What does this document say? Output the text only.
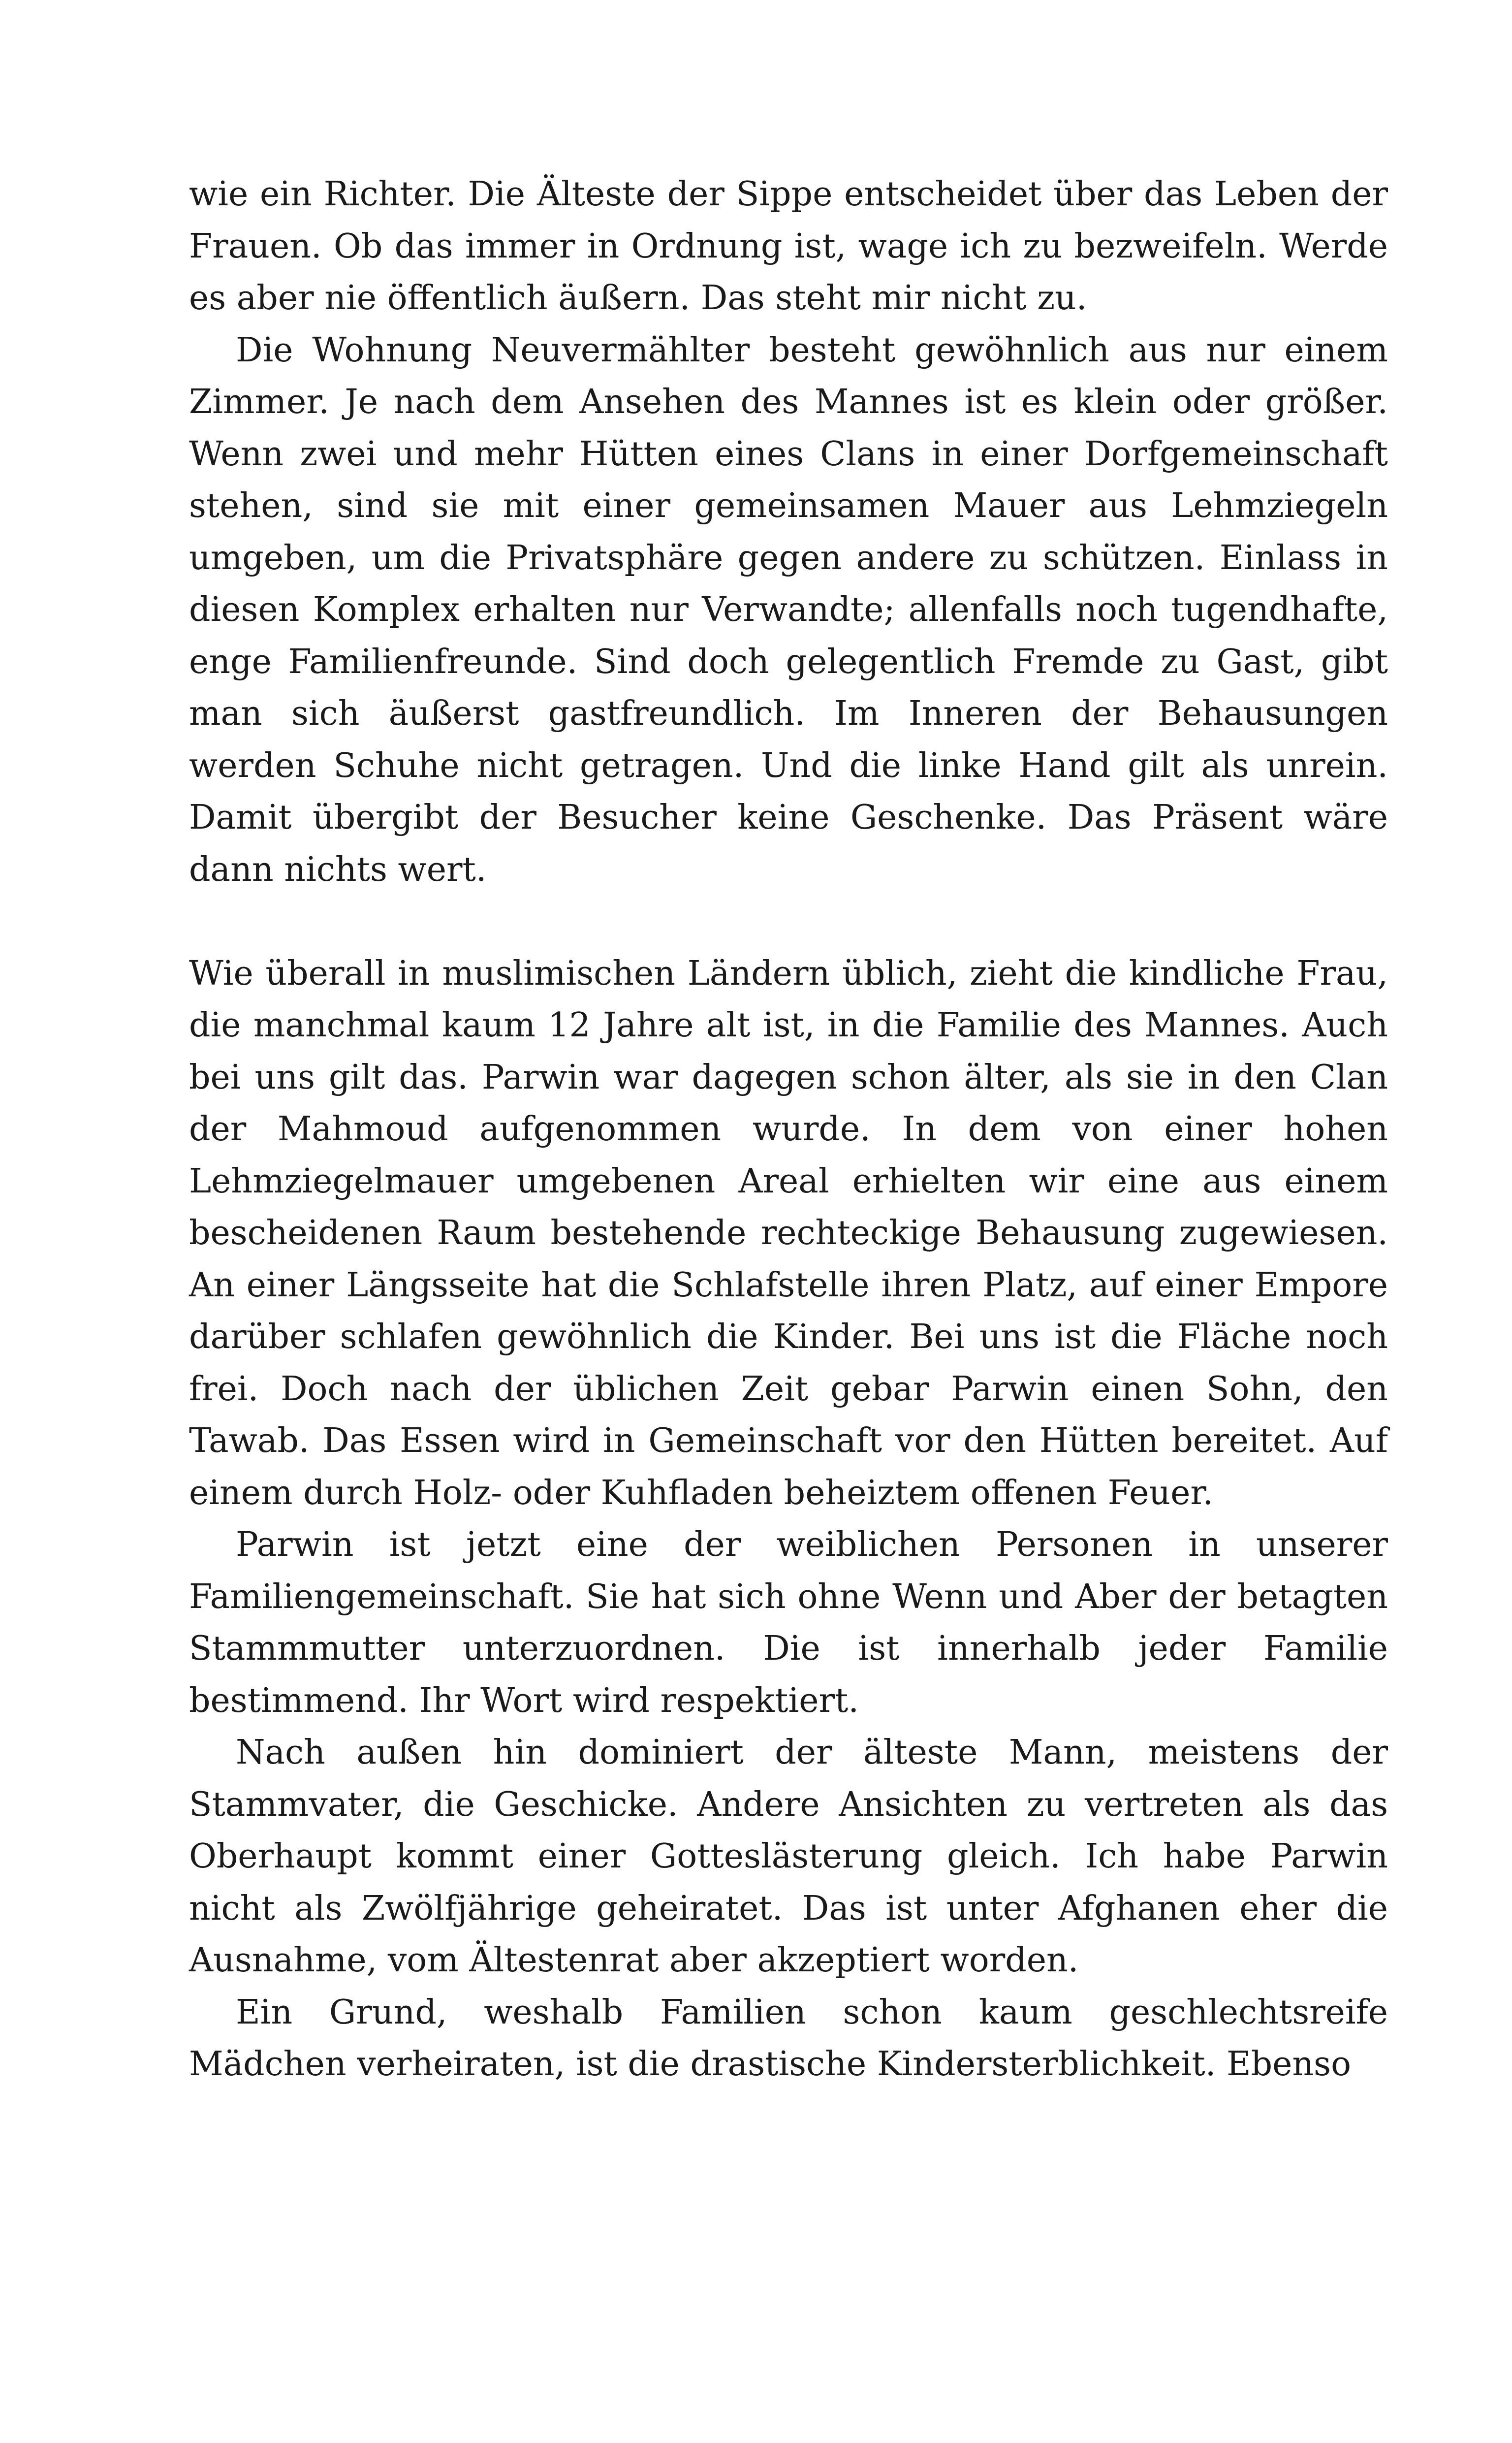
wie ein Richter. Die Älteste der Sippe entscheidet über das Leben der Frauen. Ob das immer in Ordnung ist, wage ich zu bezweifeln. Werde es aber nie öffentlich äußern. Das steht mir nicht zu.

Die Wohnung Neuvermählter besteht gewöhnlich aus nur einem Zimmer. Je nach dem Ansehen des Mannes ist es klein oder größer. Wenn zwei und mehr Hütten eines Clans in einer Dorfgemeinschaft stehen, sind sie mit einer gemeinsamen Mauer aus Lehmziegeln umgeben, um die Privatsphäre gegen andere zu schützen. Einlass in diesen Komplex erhalten nur Verwandte; allenfalls noch tugendhafte, enge Familienfreunde. Sind doch gelegentlich Fremde zu Gast, gibt man sich äußerst gastfreundlich. Im Inneren der Behausungen werden Schuhe nicht getragen. Und die linke Hand gilt als unrein. Damit übergibt der Besucher keine Geschenke. Das Präsent wäre dann nichts wert.

Wie überall in muslimischen Ländern üblich, zieht die kindliche Frau, die manchmal kaum 12 Jahre alt ist, in die Familie des Mannes. Auch bei uns gilt das. Parwin war dagegen schon älter, als sie in den Clan der Mahmoud aufgenommen wurde. In dem von einer hohen Lehmziegelmauer umgebenen Areal erhielten wir eine aus einem bescheidenen Raum bestehende rechteckige Behausung zugewiesen. An einer Längsseite hat die Schlafstelle ihren Platz, auf einer Empore darüber schlafen gewöhnlich die Kinder. Bei uns ist die Fläche noch frei. Doch nach der üblichen Zeit gebar Parwin einen Sohn, den Tawab. Das Essen wird in Gemeinschaft vor den Hütten bereitet. Auf einem durch Holz- oder Kuhfladen beheiztem offenen Feuer.

Parwin ist jetzt eine der weiblichen Personen in unserer Familiengemeinschaft. Sie hat sich ohne Wenn und Aber der betagten Stammmutter unterzuordnen. Die ist innerhalb jeder Familie bestimmend. Ihr Wort wird respektiert.

Nach außen hin dominiert der älteste Mann, meistens der Stammvater, die Geschicke. Andere Ansichten zu vertreten als das Oberhaupt kommt einer Gotteslästerung gleich. Ich habe Parwin nicht als Zwölfjährige geheiratet. Das ist unter Afghanen eher die Ausnahme, vom Ältestenrat aber akzeptiert worden.

Ein Grund, weshalb Familien schon kaum geschlechtsreife Mädchen verheiraten, ist die drastische Kindersterblichkeit. Ebenso
